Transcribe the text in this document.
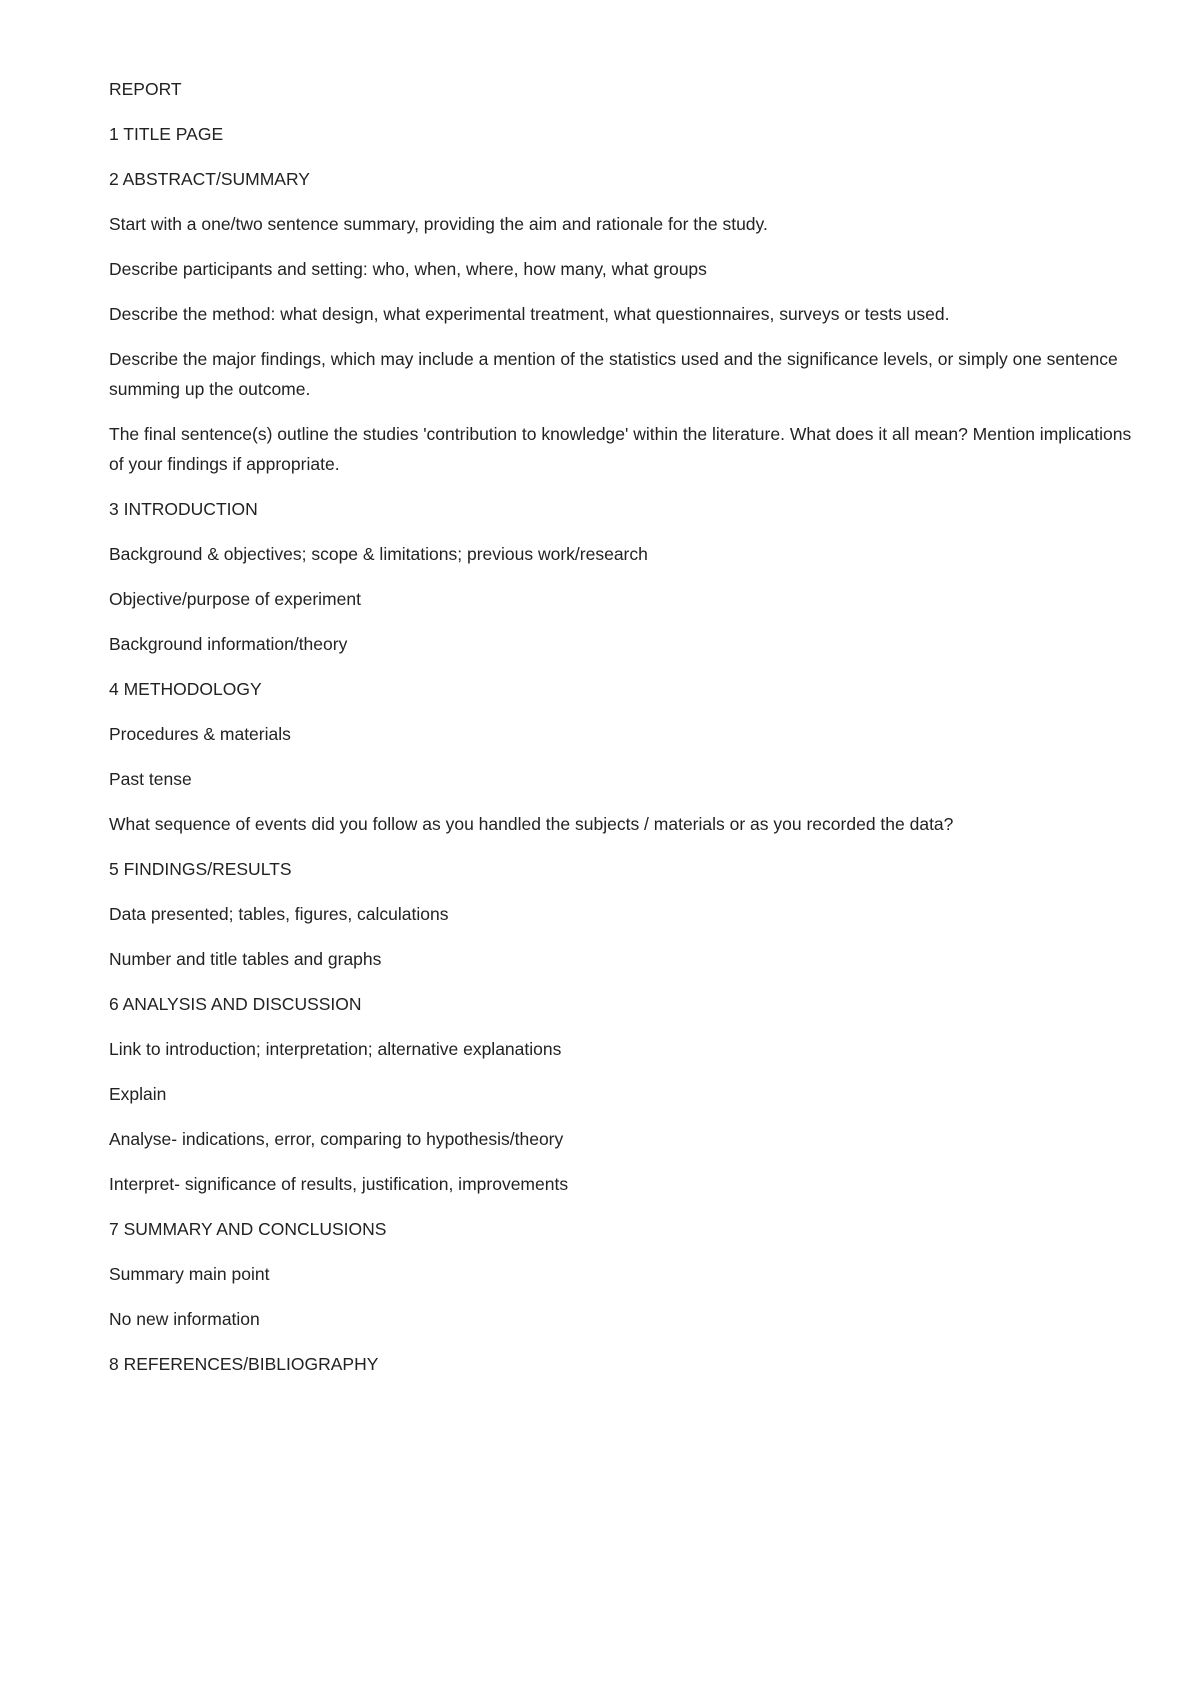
REPORT

1 TITLE PAGE

2 ABSTRACT/SUMMARY

Start with a one/two sentence summary, providing the aim and rationale for the study.

Describe participants and setting: who, when, where, how many, what groups

Describe the method: what design, what experimental treatment, what questionnaires, surveys or tests used.

Describe the major findings, which may include a mention of the statistics used and the significance levels, or simply one sentence summing up the outcome.

The final sentence(s) outline the studies 'contribution to knowledge' within the literature. What does it all mean? Mention implications of your findings if appropriate.

3 INTRODUCTION

Background & objectives; scope & limitations; previous work/research

Objective/purpose of experiment

Background information/theory

4 METHODOLOGY

Procedures & materials

Past tense

What sequence of events did you follow as you handled the subjects / materials or as you recorded the data?

5 FINDINGS/RESULTS

Data presented; tables, figures, calculations

Number and title tables and graphs

6 ANALYSIS AND DISCUSSION

Link to introduction; interpretation; alternative explanations

Explain

Analyse- indications, error, comparing to hypothesis/theory

Interpret- significance of results, justification, improvements

7 SUMMARY AND CONCLUSIONS

Summary main point

No new information

8 REFERENCES/BIBLIOGRAPHY
